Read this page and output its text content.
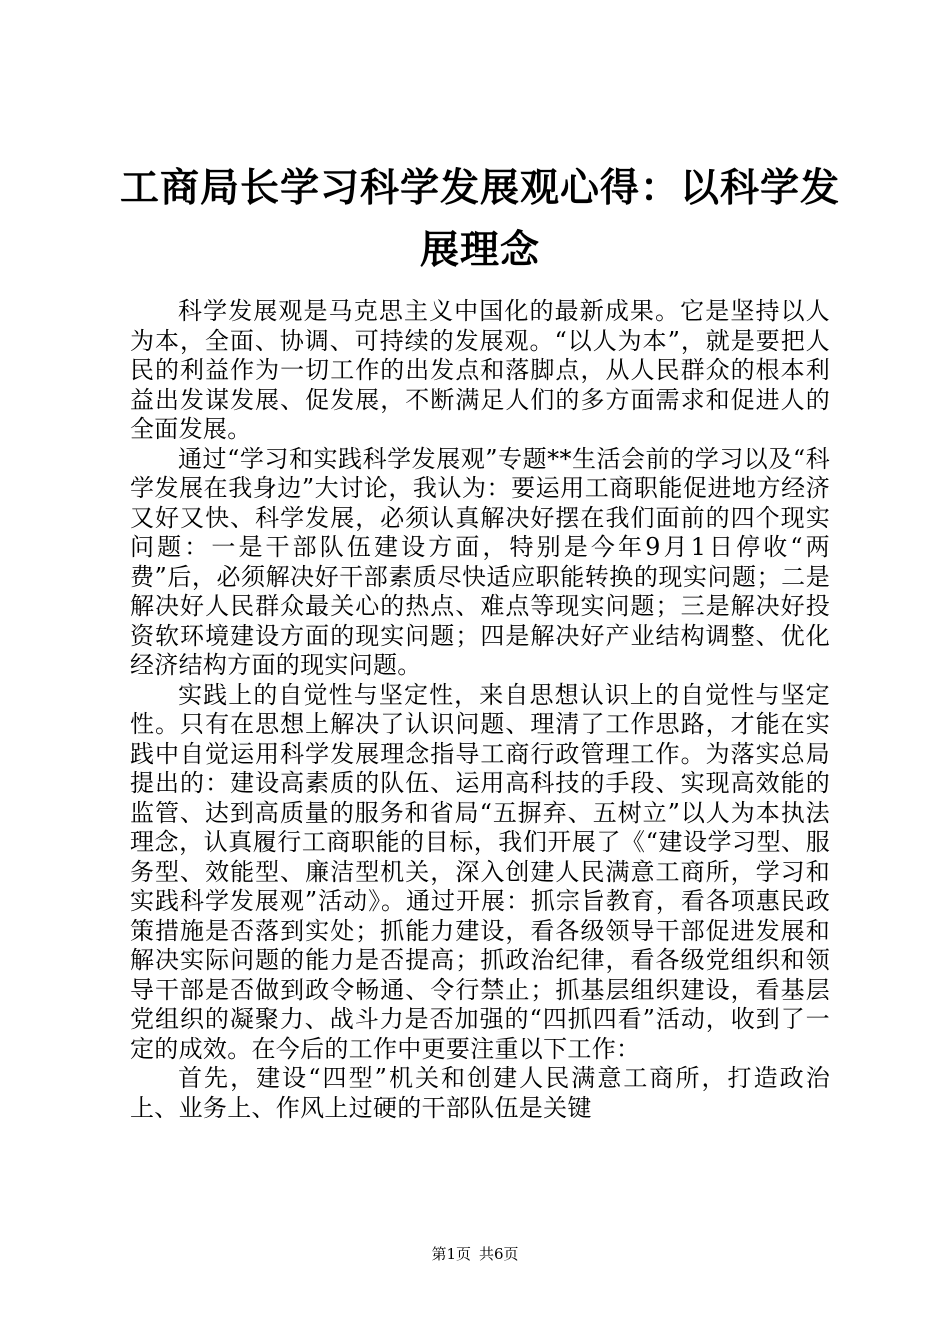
工商局长学习科学发展观心得：以科学发展理念

科学发展观是马克思主义中国化的最新成果。它是坚持以人为本，全面、协调、可持续的发展观。“以人为本”，就是要把人民的利益作为一切工作的出发点和落脚点，从人民群众的根本利益出发谋发展、促发展，不断满足人们的多方面需求和促进人的全面发展。

通过“学习和实践科学发展观”专题**生活会前的学习以及“科学发展在我身边”大讨论，我认为：要运用工商职能促进地方经济又好又快、科学发展，必须认真解决好摆在我们面前的四个现实问题：一是干部队伍建设方面，特别是今年9月1日停收“两费”后，必须解决好干部素质尽快适应职能转换的现实问题；二是解决好人民群众最关心的热点、难点等现实问题；三是解决好投资软环境建设方面的现实问题；四是解决好产业结构调整、优化经济结构方面的现实问题。

实践上的自觉性与坚定性，来自思想认识上的自觉性与坚定性。只有在思想上解决了认识问题、理清了工作思路，才能在实践中自觉运用科学发展理念指导工商行政管理工作。为落实总局提出的：建设高素质的队伍、运用高科技的手段、实现高效能的监管、达到高质量的服务和省局“五摒弃、五树立”以人为本执法理念，认真履行工商职能的目标，我们开展了《“建设学习型、服务型、效能型、廉洁型机关，深入创建人民满意工商所，学习和实践科学发展观”活动》。通过开展：抓宗旨教育，看各项惠民政策措施是否落到实处；抓能力建设，看各级领导干部促进发展和解决实际问题的能力是否提高；抓政治纪律，看各级党组织和领导干部是否做到政令畅通、令行禁止；抓基层组织建设，看基层党组织的凝聚力、战斗力是否加强的“四抓四看”活动，收到了一定的成效。在今后的工作中更要注重以下工作：

首先，建设“四型”机关和创建人民满意工商所，打造政治上、业务上、作风上过硬的干部队伍是关键

第1页 共6页
